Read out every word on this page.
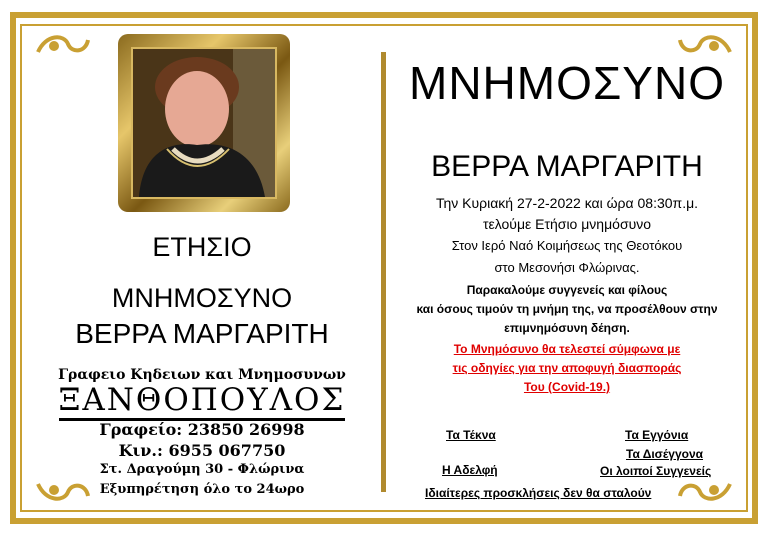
ΕΤΗΣΙΟ
ΜΝΗΜΟΣΥΝΟ
ΒΕΡΡΑ ΜΑΡΓΑΡΙΤΗ
Γραφειο Κηδειων και Μνημοσυνων
ΞΑΝΘΟΠΟΥΛΟΣ
Γραφείο: 23850 26998
Κιν.: 6955 067750
Στ. Δραγούμη 30 - Φλώρινα
Εξυπηρέτηση όλο το 24ωρο
ΜΝΗΜΟΣΥΝΟ
ΒΕΡΡΑ ΜΑΡΓΑΡΙΤΗ
Την Κυριακή 27-2-2022 και ώρα 08:30π.μ.
τελούμε Ετήσιο μνημόσυνο
Στον Ιερό Ναό Κοιμήσεως της Θεοτόκου
στο Μεσονήσι Φλώρινας.
Παρακαλούμε συγγενείς και φίλους
και όσους τιμούν τη μνήμη της, να προσέλθουν στην
επιμνημόσυνη δέηση.
Το Μνημόσυνο θα τελεστεί σύμφωνα με
τις οδηγίες για την αποφυγή διασποράς
Του (Covid-19.)
Τα Τέκνα	Τα Εγγόνια
Τα Δισέγγονα
Η Αδελφή	Οι λοιποί Συγγενείς
Ιδιαίτερες προσκλήσεις δεν θα σταλούν
